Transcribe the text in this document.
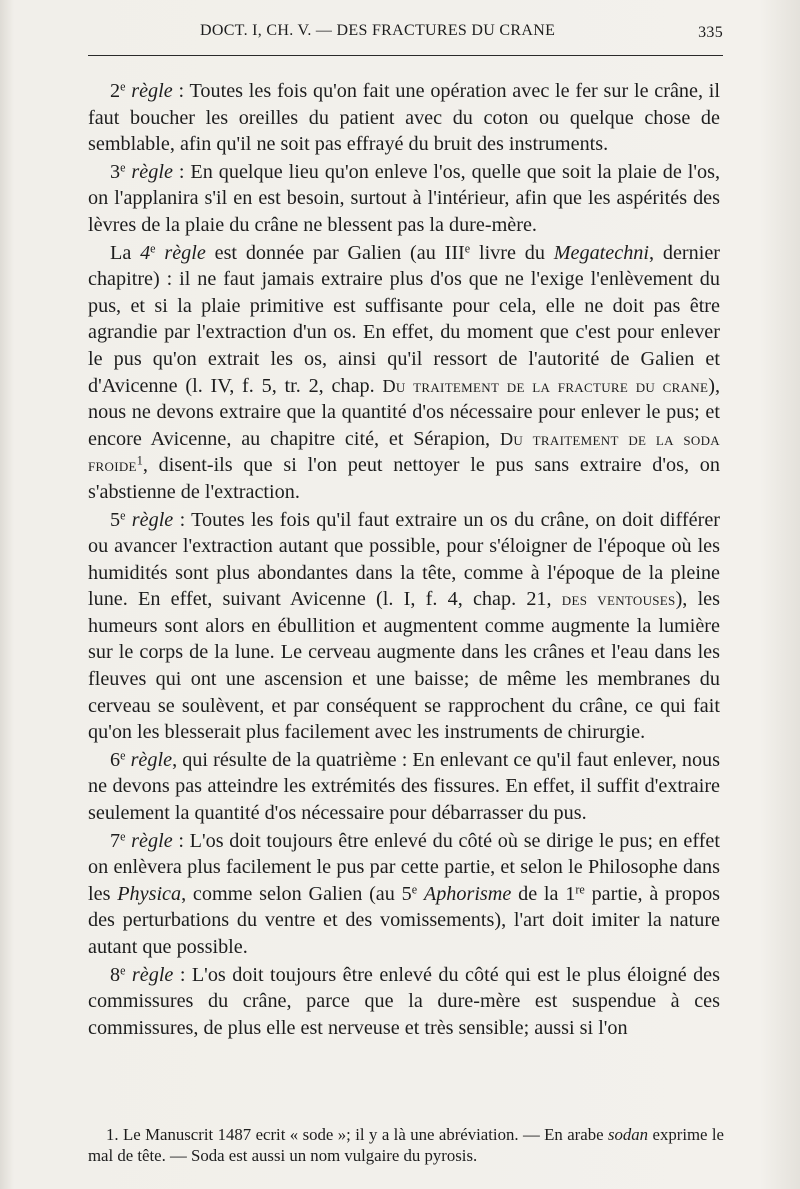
DOCT. I, CH. V. — DES FRACTURES DU CRANE	335

2e règle : Toutes les fois qu'on fait une opération avec le fer sur le crâne, il faut boucher les oreilles du patient avec du coton ou quelque chose de semblable, afin qu'il ne soit pas effrayé du bruit des instruments.

3e règle : En quelque lieu qu'on enleve l'os, quelle que soit la plaie de l'os, on l'applanira s'il en est besoin, surtout à l'intérieur, afin que les aspérités des lèvres de la plaie du crâne ne blessent pas la dure-mère.

La 4e règle est donnée par Galien (au IIIe livre du Megatechni, dernier chapitre) : il ne faut jamais extraire plus d'os que ne l'exige l'enlèvement du pus, et si la plaie primitive est suffisante pour cela, elle ne doit pas être agrandie par l'extraction d'un os. En effet, du moment que c'est pour enlever le pus qu'on extrait les os, ainsi qu'il ressort de l'autorité de Galien et d'Avicenne (l. IV, f. 5, tr. 2, chap. Du traitement de la fracture du crane), nous ne devons extraire que la quantité d'os nécessaire pour enlever le pus; et encore Avicenne, au chapitre cité, et Sérapion, Du traitement de la soda froide$^1$, disent-ils que si l'on peut nettoyer le pus sans extraire d'os, on s'abstienne de l'extraction.

5e règle : Toutes les fois qu'il faut extraire un os du crâne, on doit différer ou avancer l'extraction autant que possible, pour s'éloigner de l'époque où les humidités sont plus abondantes dans la tête, comme à l'époque de la pleine lune. En effet, suivant Avicenne (l. I, f. 4, chap. 21, des ventouses), les humeurs sont alors en ébullition et augmentent comme augmente la lumière sur le corps de la lune. Le cerveau augmente dans les crânes et l'eau dans les fleuves qui ont une ascension et une baisse; de même les membranes du cerveau se soulèvent, et par conséquent se rapprochent du crâne, ce qui fait qu'on les blesserait plus facilement avec les instruments de chirurgie.

6e règle, qui résulte de la quatrième : En enlevant ce qu'il faut enlever, nous ne devons pas atteindre les extrémités des fissures. En effet, il suffit d'extraire seulement la quantité d'os nécessaire pour débarrasser du pus.

7e règle : L'os doit toujours être enlevé du côté où se dirige le pus; en effet on enlèvera plus facilement le pus par cette partie, et selon le Philosophe dans les Physica, comme selon Galien (au 5e Aphorisme de la 1re partie, à propos des perturbations du ventre et des vomissements), l'art doit imiter la nature autant que possible.

8e règle : L'os doit toujours être enlevé du côté qui est le plus éloigné des commissures du crâne, parce que la dure-mère est suspendue à ces commissures, de plus elle est nerveuse et très sensible; aussi si l'on

1. Le Manuscrit 1487 ecrit « sode »; il y a là une abréviation. — En arabe sodan exprime le mal de tête. — Soda est aussi un nom vulgaire du pyrosis.
